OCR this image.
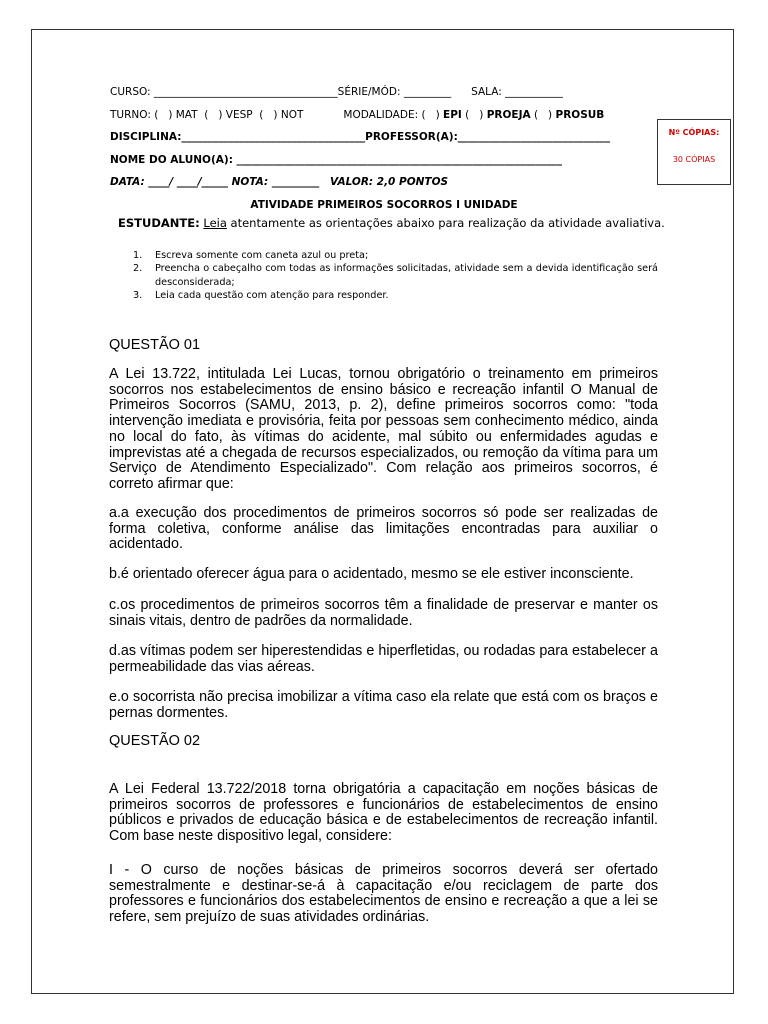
CURSO: ___________________________________SÉRIE/MÓD: _________      SALA: ___________
TURNO: (   ) MAT  (   ) VESP  (   ) NOT            MODALIDADE: (   ) EPI (   ) PROEJA (   ) PROSUB
DISCIPLINA:___________________________________PROFESSOR(A):_____________________________
NOME DO ALUNO(A): ______________________________________________________________
DATA: ____/ ____/_____ NOTA: _________   VALOR: 2,0 PONTOS
Nº CÓPIAS:
30 CÓPIAS
ATIVIDADE PRIMEIROS SOCORROS I UNIDADE
ESTUDANTE: Leia atentamente as orientações abaixo para realização da atividade avaliativa.
1. Escreva somente com caneta azul ou preta;
2. Preencha o cabeçalho com todas as informações solicitadas, atividade sem a devida identificação será desconsiderada;
3. Leia cada questão com atenção para responder.
QUESTÃO 01
A Lei 13.722, intitulada Lei Lucas, tornou obrigatório o treinamento em primeiros socorros nos estabelecimentos de ensino básico e recreação infantil O Manual de Primeiros Socorros (SAMU, 2013, p. 2), define primeiros socorros como: "toda intervenção imediata e provisória, feita por pessoas sem conhecimento médico, ainda no local do fato, às vítimas do acidente, mal súbito ou enfermidades agudas e imprevistas até a chegada de recursos especializados, ou remoção da vítima para um Serviço de Atendimento Especializado". Com relação aos primeiros socorros, é correto afirmar que:
a.a execução dos procedimentos de primeiros socorros só pode ser realizadas de forma coletiva, conforme análise das limitações encontradas para auxiliar o acidentado.
b.é orientado oferecer água para o acidentado, mesmo se ele estiver inconsciente.
c.os procedimentos de primeiros socorros têm a finalidade de preservar e manter os sinais vitais, dentro de padrões da normalidade.
d.as vítimas podem ser hiperestendidas e hiperfletidas, ou rodadas para estabelecer a permeabilidade das vias aéreas.
e.o socorrista não precisa imobilizar a vítima caso ela relate que está com os braços e pernas dormentes.
QUESTÃO 02
A Lei Federal 13.722/2018 torna obrigatória a capacitação em noções básicas de primeiros socorros de professores e funcionários de estabelecimentos de ensino públicos e privados de educação básica e de estabelecimentos de recreação infantil. Com base neste dispositivo legal, considere:
I - O curso de noções básicas de primeiros socorros deverá ser ofertado semestralmente e destinar-se-á à capacitação e/ou reciclagem de parte dos professores e funcionários dos estabelecimentos de ensino e recreação a que a lei se refere, sem prejuízo de suas atividades ordinárias.
